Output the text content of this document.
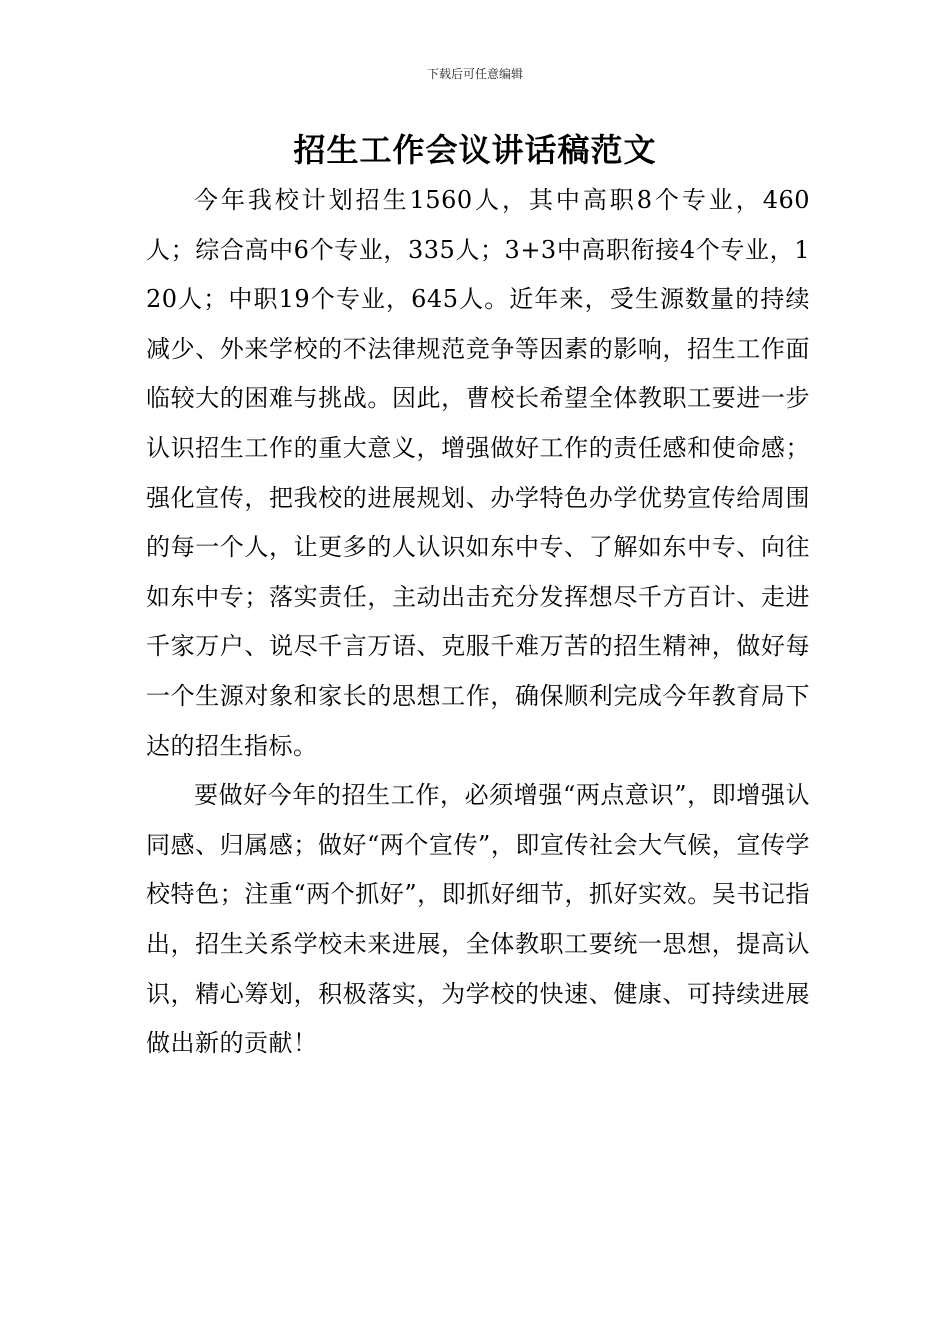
下载后可任意编辑
招生工作会议讲话稿范文

今年我校计划招生1560人，其中高职8个专业，460人；综合高中6个专业，335人；3+3中高职衔接4个专业，120人；中职19个专业，645人。近年来，受生源数量的持续减少、外来学校的不法律规范竞争等因素的影响，招生工作面临较大的困难与挑战。因此，曹校长希望全体教职工要进一步认识招生工作的重大意义，增强做好工作的责任感和使命感；强化宣传，把我校的进展规划、办学特色办学优势宣传给周围的每一个人，让更多的人认识如东中专、了解如东中专、向往如东中专；落实责任，主动出击充分发挥想尽千方百计、走进千家万户、说尽千言万语、克服千难万苦的招生精神，做好每一个生源对象和家长的思想工作，确保顺利完成今年教育局下达的招生指标。

要做好今年的招生工作，必须增强“两点意识”，即增强认同感、归属感；做好“两个宣传”，即宣传社会大气候，宣传学校特色；注重“两个抓好”，即抓好细节，抓好实效。吴书记指出，招生关系学校未来进展，全体教职工要统一思想，提高认识，精心筹划，积极落实，为学校的快速、健康、可持续进展做出新的贡献！
